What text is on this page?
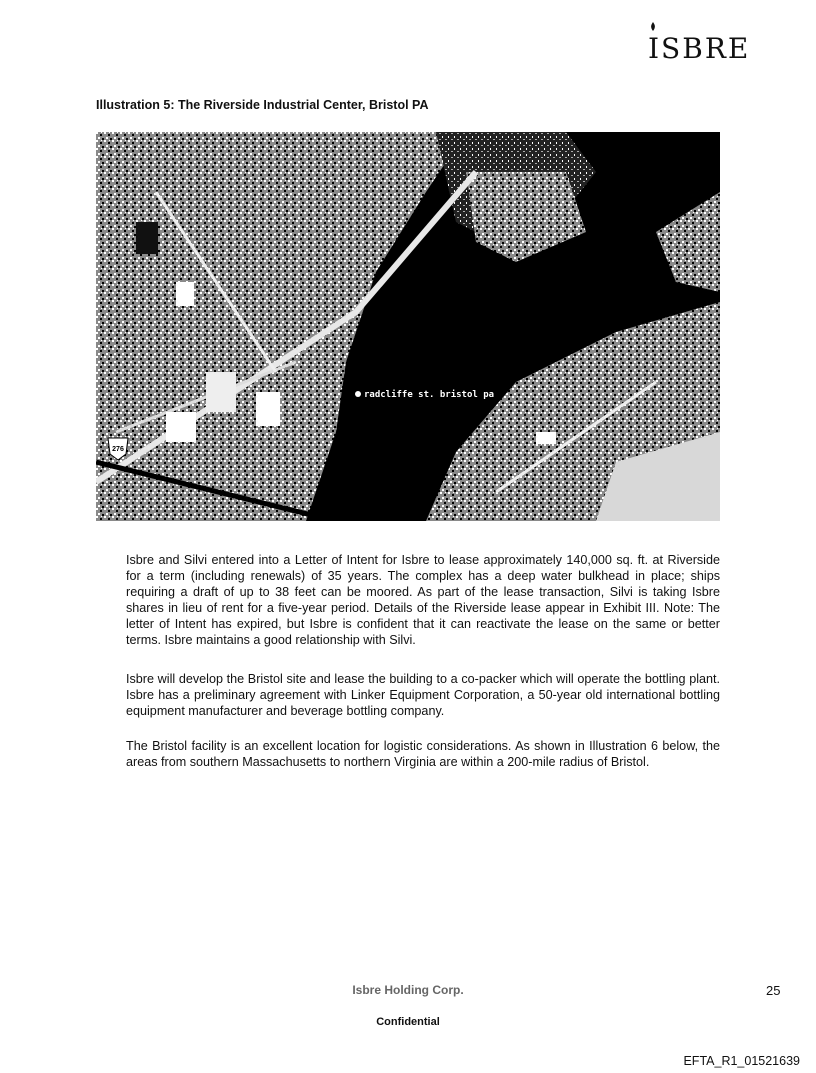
ISBRE
Illustration 5: The Riverside Industrial Center, Bristol PA
276
radcliffe st. bristol pa

Isbre and Silvi entered into a Letter of Intent for Isbre to lease approximately 140,000 sq. ft. at Riverside for a term (including renewals) of 35 years. The complex has a deep water bulkhead in place; ships requiring a draft of up to 38 feet can be moored. As part of the lease transaction, Silvi is taking Isbre shares in lieu of rent for a five-year period. Details of the Riverside lease appear in Exhibit III. Note: The letter of Intent has expired, but Isbre is confident that it can reactivate the lease on the same or better terms. Isbre maintains a good relationship with Silvi.

Isbre will develop the Bristol site and lease the building to a co-packer which will operate the bottling plant. Isbre has a preliminary agreement with Linker Equipment Corporation, a 50-year old international bottling equipment manufacturer and beverage bottling company.

The Bristol facility is an excellent location for logistic considerations. As shown in Illustration 6 below, the areas from southern Massachusetts to northern Virginia are within a 200-mile radius of Bristol.

Isbre Holding Corp.	25
Confidential
EFTA_R1_01521639
